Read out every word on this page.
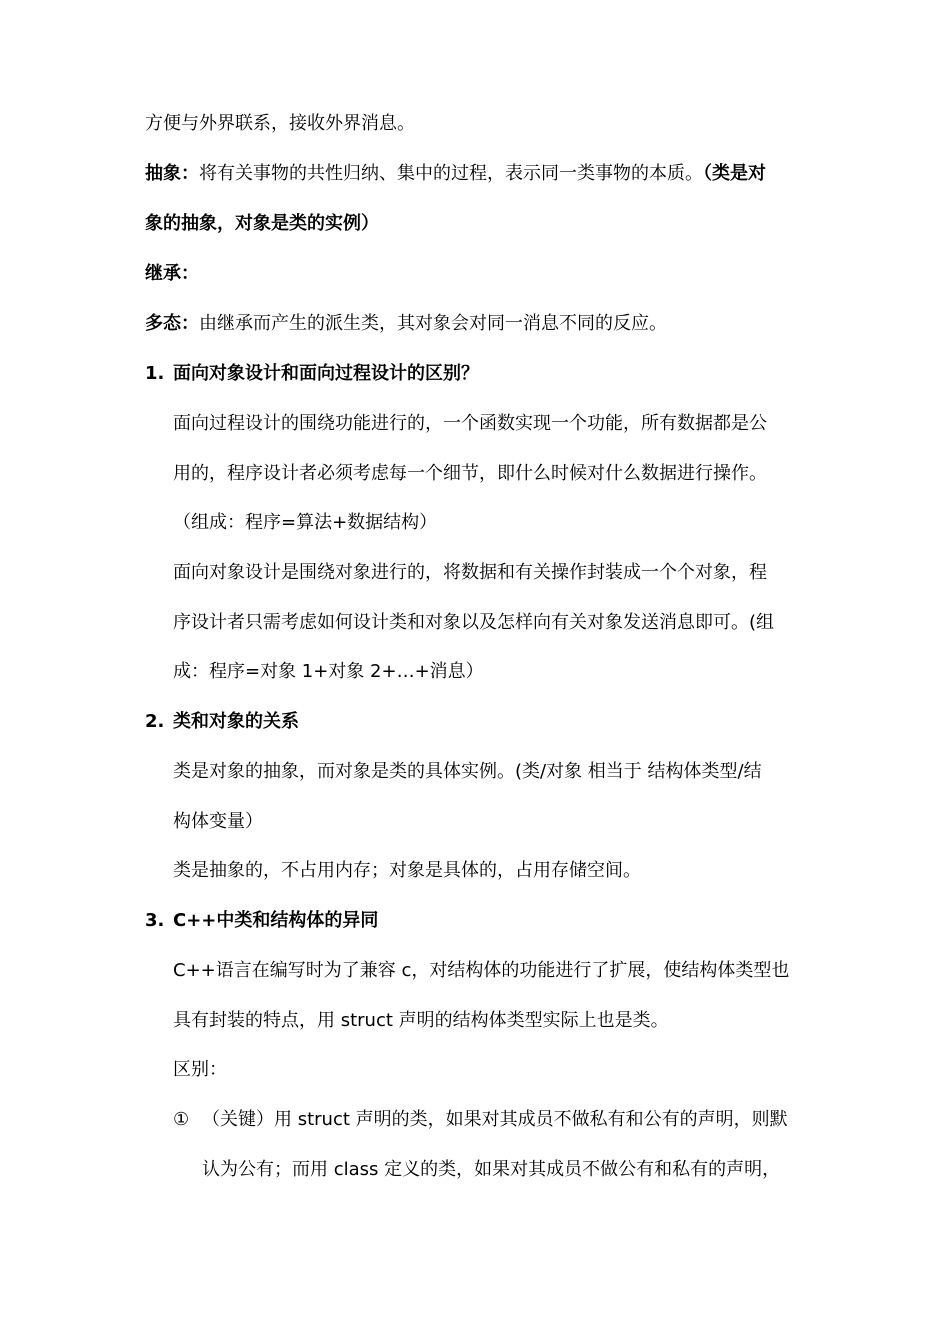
方便与外界联系，接收外界消息。
抽象：将有关事物的共性归纳、集中的过程，表示同一类事物的本质。（类是对
象的抽象，对象是类的实例）
继承：
多态：由继承而产生的派生类，其对象会对同一消息不同的反应。
1. 面向对象设计和面向过程设计的区别？
面向过程设计的围绕功能进行的，一个函数实现一个功能，所有数据都是公
用的，程序设计者必须考虑每一个细节，即什么时候对什么数据进行操作。
（组成：程序=算法+数据结构）
面向对象设计是围绕对象进行的，将数据和有关操作封装成一个个对象，程
序设计者只需考虑如何设计类和对象以及怎样向有关对象发送消息即可。(组
成：程序=对象 1+对象 2+…+消息）
2. 类和对象的关系
类是对象的抽象，而对象是类的具体实例。(类/对象 相当于 结构体类型/结
构体变量）
类是抽象的，不占用内存；对象是具体的，占用存储空间。
3. C++中类和结构体的异同
C++语言在编写时为了兼容 c，对结构体的功能进行了扩展，使结构体类型也
具有封装的特点，用 struct 声明的结构体类型实际上也是类。
区别：
① （关键）用 struct 声明的类，如果对其成员不做私有和公有的声明，则默
认为公有；而用 class 定义的类，如果对其成员不做公有和私有的声明，
